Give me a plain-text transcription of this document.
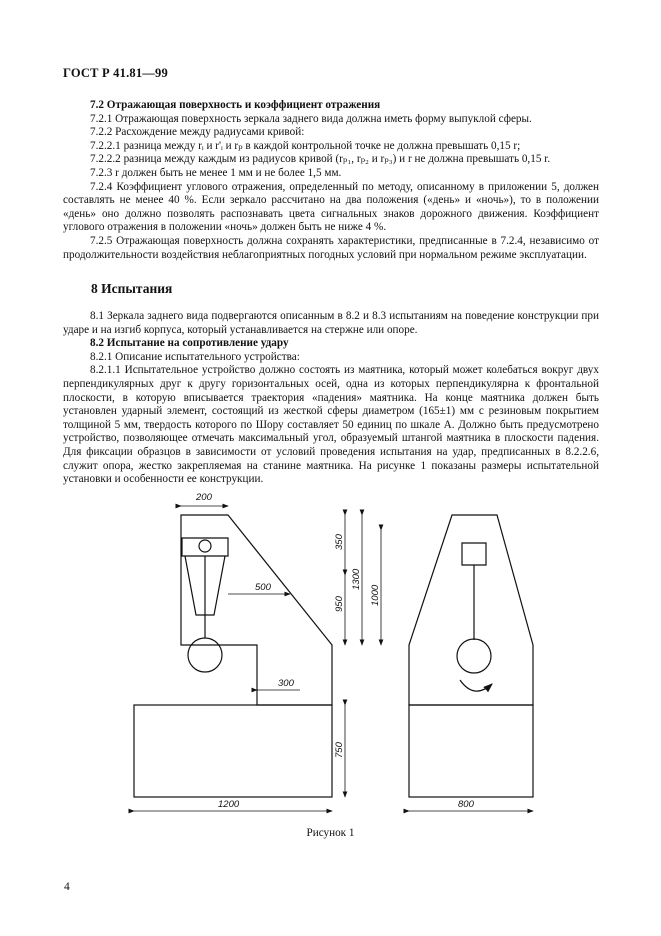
ГОСТ Р 41.81—99

7.2 Отражающая поверхность и коэффициент отражения

7.2.1 Отражающая поверхность зеркала заднего вида должна иметь форму выпуклой сферы.

7.2.2 Расхождение между радиусами кривой:

7.2.2.1 разница между rᵢ и r'ᵢ и rₚ в каждой контрольной точке не должна превышать 0,15 r;

7.2.2.2 разница между каждым из радиусов кривой (rₚ₁, rₚ₂ и rₚ₃) и r не должна превышать 0,15 r.

7.2.3 r должен быть не менее 1 мм и не более 1,5 мм.

7.2.4 Коэффициент углового отражения, определенный по методу, описанному в приложении 5, должен составлять не менее 40 %. Если зеркало рассчитано на два положения («день» и «ночь»), то в положении «день» оно должно позволять распознавать цвета сигнальных знаков дорожного движения. Коэффициент углового отражения в положении «ночь» должен быть не ниже 4 %.

7.2.5 Отражающая поверхность должна сохранять характеристики, предписанные в 7.2.4, независимо от продолжительности воздействия неблагоприятных погодных условий при нормальном режиме эксплуатации.

8 Испытания

8.1 Зеркала заднего вида подвергаются описанным в 8.2 и 8.3 испытаниям на поведение конструкции при ударе и на изгиб корпуса, который устанавливается на стержне или опоре.

8.2 Испытание на сопротивление удару

8.2.1 Описание испытательного устройства:

8.2.1.1 Испытательное устройство должно состоять из маятника, который может колебаться вокруг двух перпендикулярных друг к другу горизонтальных осей, одна из которых перпендикулярна к фронтальной плоскости, в которую вписывается траектория «падения» маятника. На конце маятника должен быть установлен ударный элемент, состоящий из жесткой сферы диаметром (165±1) мм с резиновым покрытием толщиной 5 мм, твердость которого по Шору составляет 50 единиц по шкале А. Должно быть предусмотрено устройство, позволяющее отмечать максимальный угол, образуемый штангой маятника в плоскости падения. Для фиксации образцов в зависимости от условий проведения испытания на удар, предписанных в 8.2.2.6, служит опора, жестко закрепляемая на станине маятника. На рисунке 1 показаны размеры испытательной установки и особенности ее конструкции.

200
500
300
1200	800
350
950
1300
1000
750
Рисунок 1
4
